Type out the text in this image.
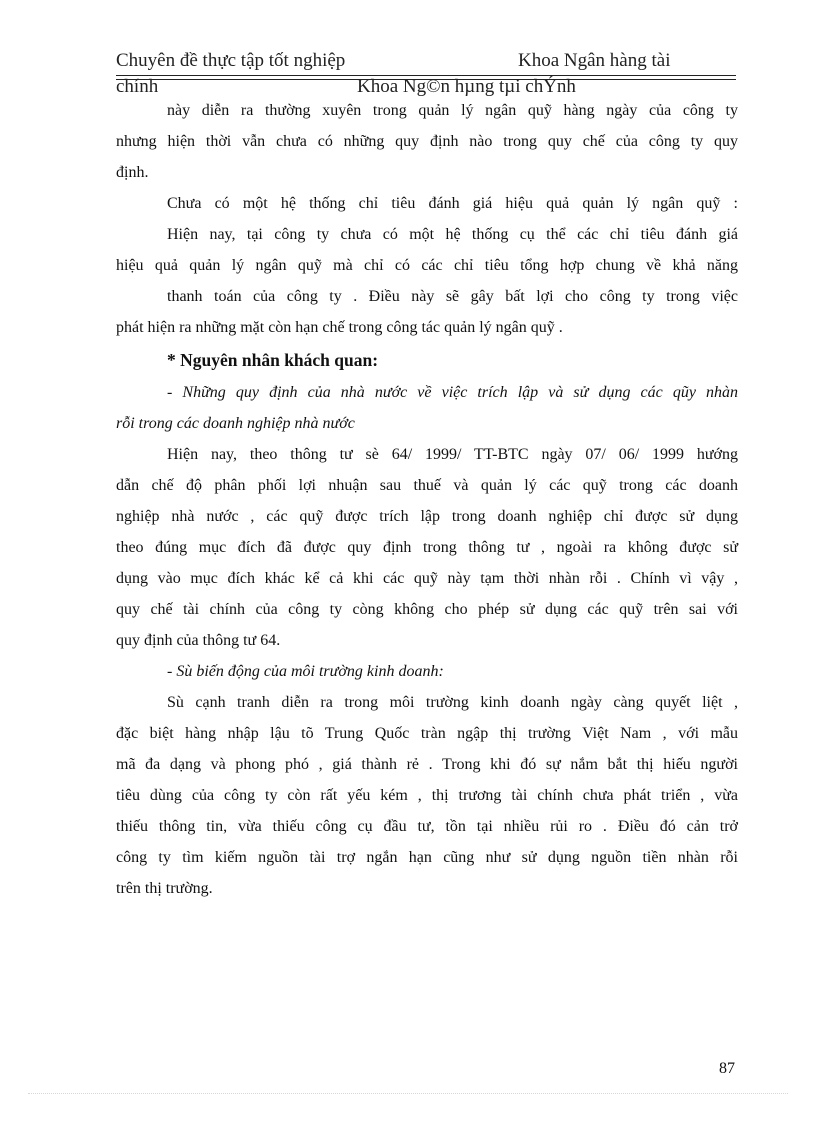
Chuyên đề thực tập tốt nghiệp	Khoa Ngân hàng tài
chính	Khoa Ng©n hµng tµi chÝnh

này diễn ra thường xuyên trong quản lý ngân quỹ hàng ngày của công ty

nhưng hiện thời vẫn chưa có những quy định nào trong quy chế của công ty quy

định.

Chưa có một hệ thống chỉ tiêu đánh giá hiệu quả quản lý ngân quỹ :

Hiện nay, tại công ty chưa có một hệ thống cụ thể các chỉ tiêu đánh giá

hiệu quả quản lý ngân quỹ mà chỉ có các chỉ tiêu tổng hợp chung về khả năng

thanh toán của công ty . Điều này sẽ gây bất lợi cho công ty trong việc

phát hiện ra những mặt còn hạn chế trong công tác quản lý ngân quỹ .

* Nguyên nhân khách quan:

- Những quy định của nhà nước về việc trích lập và sử dụng các qũy nhàn

rỗi trong các doanh nghiệp nhà nước

Hiện nay, theo thông tư sè 64/ 1999/ TT-BTC ngày 07/ 06/ 1999 hướng

dẫn chế độ phân phối lợi nhuận sau thuế và quản lý các quỹ trong các doanh

nghiệp nhà nước , các quỹ được trích lập trong doanh nghiệp chỉ được sử dụng

theo đúng mục đích đã được quy định trong thông tư , ngoài ra không được sử

dụng vào mục đích khác kể cả khi các quỹ này tạm thời nhàn rỗi . Chính vì vậy ,

quy chế tài chính của công ty còng không cho phép sử dụng các quỹ trên sai với

quy định của thông tư 64.

- Sù biến động của môi trường kinh doanh:

Sù cạnh tranh diễn ra trong môi trường kinh doanh ngày càng quyết liệt ,

đặc biệt hàng nhập lậu tõ Trung Quốc tràn ngập thị trường Việt Nam , với mẫu

mã đa dạng và phong phó , giá thành rẻ . Trong khi đó sự nắm bắt thị hiếu người

tiêu dùng của công ty còn rất yếu kém , thị trương tài chính chưa phát triển , vừa

thiếu thông tin, vừa thiếu công cụ đầu tư, tồn tại nhiều rủi ro . Điều đó cản trở

công ty tìm kiếm nguồn tài trợ ngắn hạn cũng như sử dụng nguồn tiền nhàn rỗi

trên thị trường.

87
